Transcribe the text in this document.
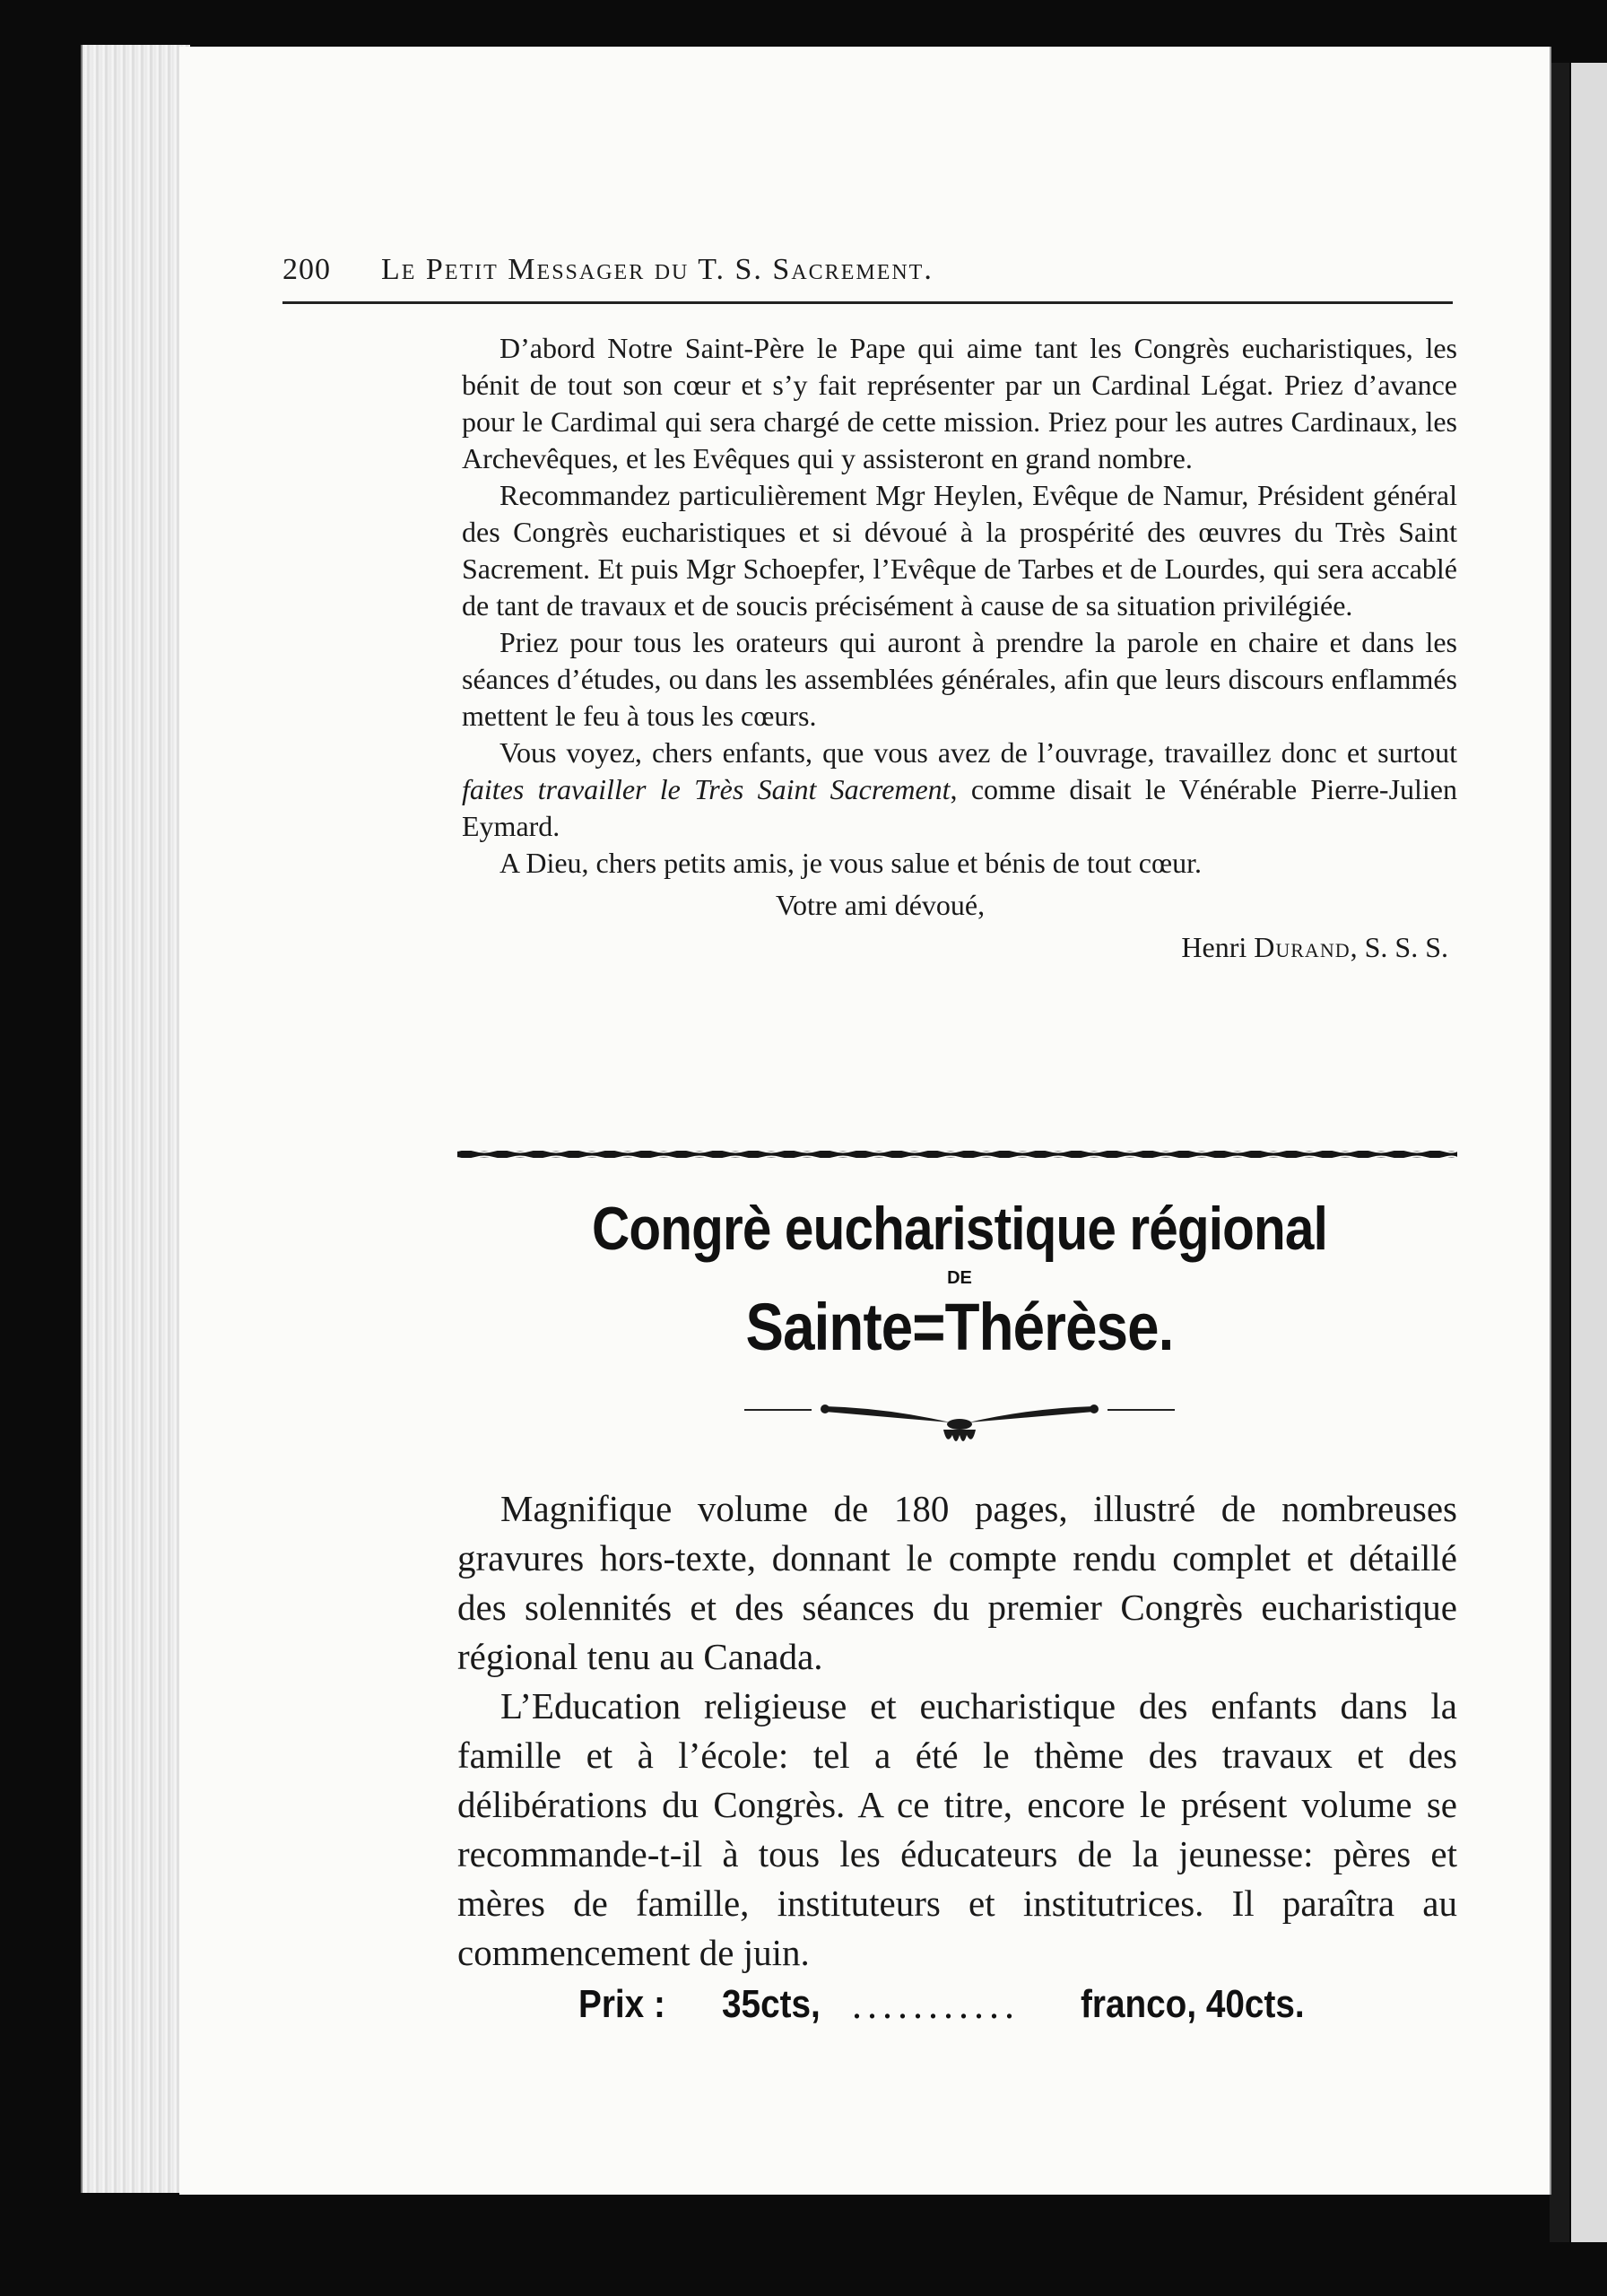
200 Le Petit Messager du T. S. Sacrement.

D’abord Notre Saint-Père le Pape qui aime tant les Congrès eucharistiques, les bénit de tout son cœur et s’y fait représenter par un Cardinal Légat. Priez d’avance pour le Cardimal qui sera chargé de cette mission. Priez pour les autres Cardinaux, les Archevêques, et les Evêques qui y assisteront en grand nombre.

Recommandez particulièrement Mgr Heylen, Evêque de Namur, Président général des Congrès eucharistiques et si dévoué à la prospérité des œuvres du Très Saint Sacrement. Et puis Mgr Schoepfer, l’Evêque de Tarbes et de Lourdes, qui sera accablé de tant de travaux et de soucis précisément à cause de sa situation privilégiée.

Priez pour tous les orateurs qui auront à prendre la parole en chaire et dans les séances d’études, ou dans les assemblées générales, afin que leurs discours enflammés mettent le feu à tous les cœurs.

Vous voyez, chers enfants, que vous avez de l’ouvrage, travaillez donc et surtout faites travailler le Très Saint Sacrement, comme disait le Vénérable Pierre-Julien Eymard.

A Dieu, chers petits amis, je vous salue et bénis de tout cœur.

Votre ami dévoué,
Henri Durand, S. S. S.
Congrè eucharistique régional
DE
Sainte=Thérèse.

Magnifique volume de 180 pages, illustré de nombreuses gravures hors-texte, donnant le compte rendu complet et détaillé des solennités et des séances du premier Congrès eucharistique régional tenu au Canada.

L’Education religieuse et eucharistique des enfants dans la famille et à l’école: tel a été le thème des travaux et des délibérations du Congrès. A ce titre, encore le présent volume se recommande-t-il à tous les éducateurs de la jeunesse: pères et mères de famille, instituteurs et institutrices. Il paraîtra au commencement de juin.

Prix : 35cts, ........... franco, 40cts.
